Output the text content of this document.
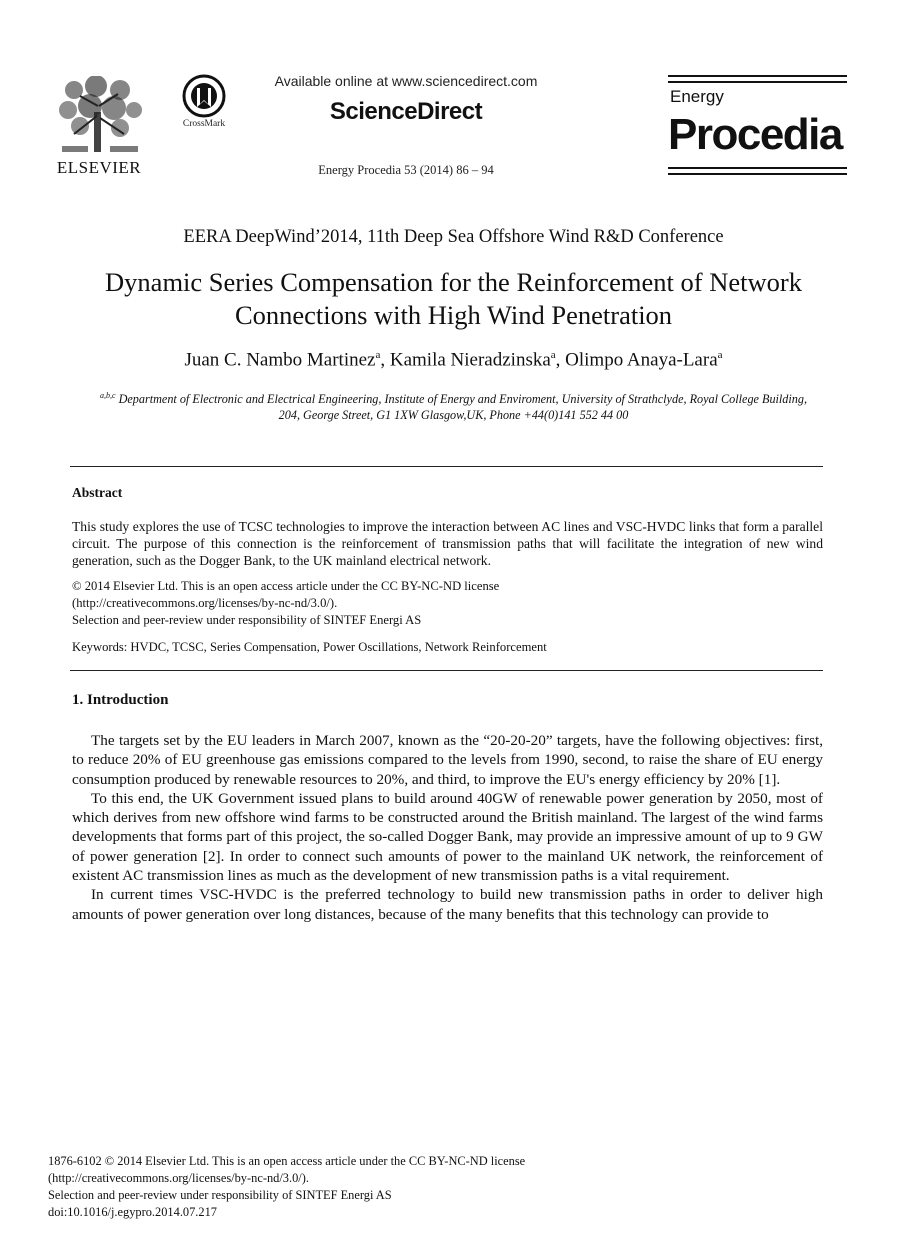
ELSEVIER
CrossMark
Available online at www.sciencedirect.com
ScienceDirect
Energy Procedia 53 (2014) 86 – 94
Energy
Procedia
EERA DeepWind’2014, 11th Deep Sea Offshore Wind R&D Conference
Dynamic Series Compensation for the Reinforcement of Network
Connections with High Wind Penetration
Juan C. Nambo Martinez$^a$, Kamila Nieradzinska$^a$, Olimpo Anaya-Lara$^a$
$^{a,b,c}$ Department of Electronic and Electrical Engineering, Institute of Energy and Enviroment, University of Strathclyde, Royal College Building,
204, George Street, G1 1XW Glasgow,UK, Phone +44(0)141 552 44 00
Abstract
This study explores the use of TCSC technologies to improve the interaction between AC lines and VSC-HVDC links that form a parallel circuit. The purpose of this connection is the reinforcement of transmission paths that will facilitate the integration of new wind generation, such as the Dogger Bank, to the UK mainland electrical network.
© 2014 Elsevier Ltd. This is an open access article under the CC BY-NC-ND license
(http://creativecommons.org/licenses/by-nc-nd/3.0/).
Selection and peer-review under responsibility of SINTEF Energi AS
Keywords: HVDC, TCSC, Series Compensation, Power Oscillations, Network Reinforcement
1. Introduction

The targets set by the EU leaders in March 2007, known as the “20-20-20” targets, have the following objectives: first, to reduce 20% of EU greenhouse gas emissions compared to the levels from 1990, second, to raise the share of EU energy consumption produced by renewable resources to 20%, and third, to improve the EU's energy efficiency by 20% [1].

To this end, the UK Government issued plans to build around 40GW of renewable power generation by 2050, most of which derives from new offshore wind farms to be constructed around the British mainland. The largest of the wind farms developments that forms part of this project, the so-called Dogger Bank, may provide an impressive amount of up to 9 GW of power generation [2]. In order to connect such amounts of power to the mainland UK network, the reinforcement of existent AC transmission lines as much as the development of new transmission paths is a vital requirement.

In current times VSC-HVDC is the preferred technology to build new transmission paths in order to deliver high amounts of power generation over long distances, because of the many benefits that this technology can provide to

1876-6102 © 2014 Elsevier Ltd. This is an open access article under the CC BY-NC-ND license
(http://creativecommons.org/licenses/by-nc-nd/3.0/).
Selection and peer-review under responsibility of SINTEF Energi AS
doi:10.1016/j.egypro.2014.07.217
